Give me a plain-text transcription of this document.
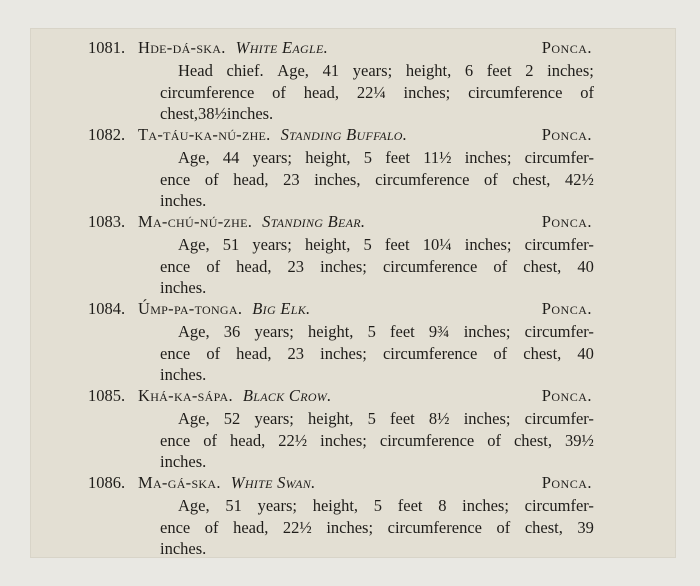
1081. Hde-dá-ska. White Eagle.	Ponca.
Head chief. Age, 41 years; height, 6 feet 2 inches;
circumference of head, 22¼ inches; circumference of
chest, 38½ inches.
1082. Ta-táu-ka-nú-zhe. Standing Buffalo.	Ponca.
Age, 44 years; height, 5 feet 11½ inches; circumfer-
ence of head, 23 inches, circumference of chest, 42½
inches.
1083. Ma-chú-nú-zhe. Standing Bear.	Ponca.
Age, 51 years; height, 5 feet 10¼ inches; circumfer-
ence of head, 23 inches; circumference of chest, 40
inches.
1084. Úmp-pa-tonga. Big Elk.	Ponca.
Age, 36 years; height, 5 feet 9¾ inches; circumfer-
ence of head, 23 inches; circumference of chest, 40
inches.
1085. Khá-ka-sápa. Black Crow.	Ponca.
Age, 52 years; height, 5 feet 8½ inches; circumfer-
ence of head, 22½ inches; circumference of chest, 39½
inches.
1086. Ma-gá-ska. White Swan.	Ponca.
Age, 51 years; height, 5 feet 8 inches; circumfer-
ence of head, 22½ inches; circumference of chest, 39
inches.
